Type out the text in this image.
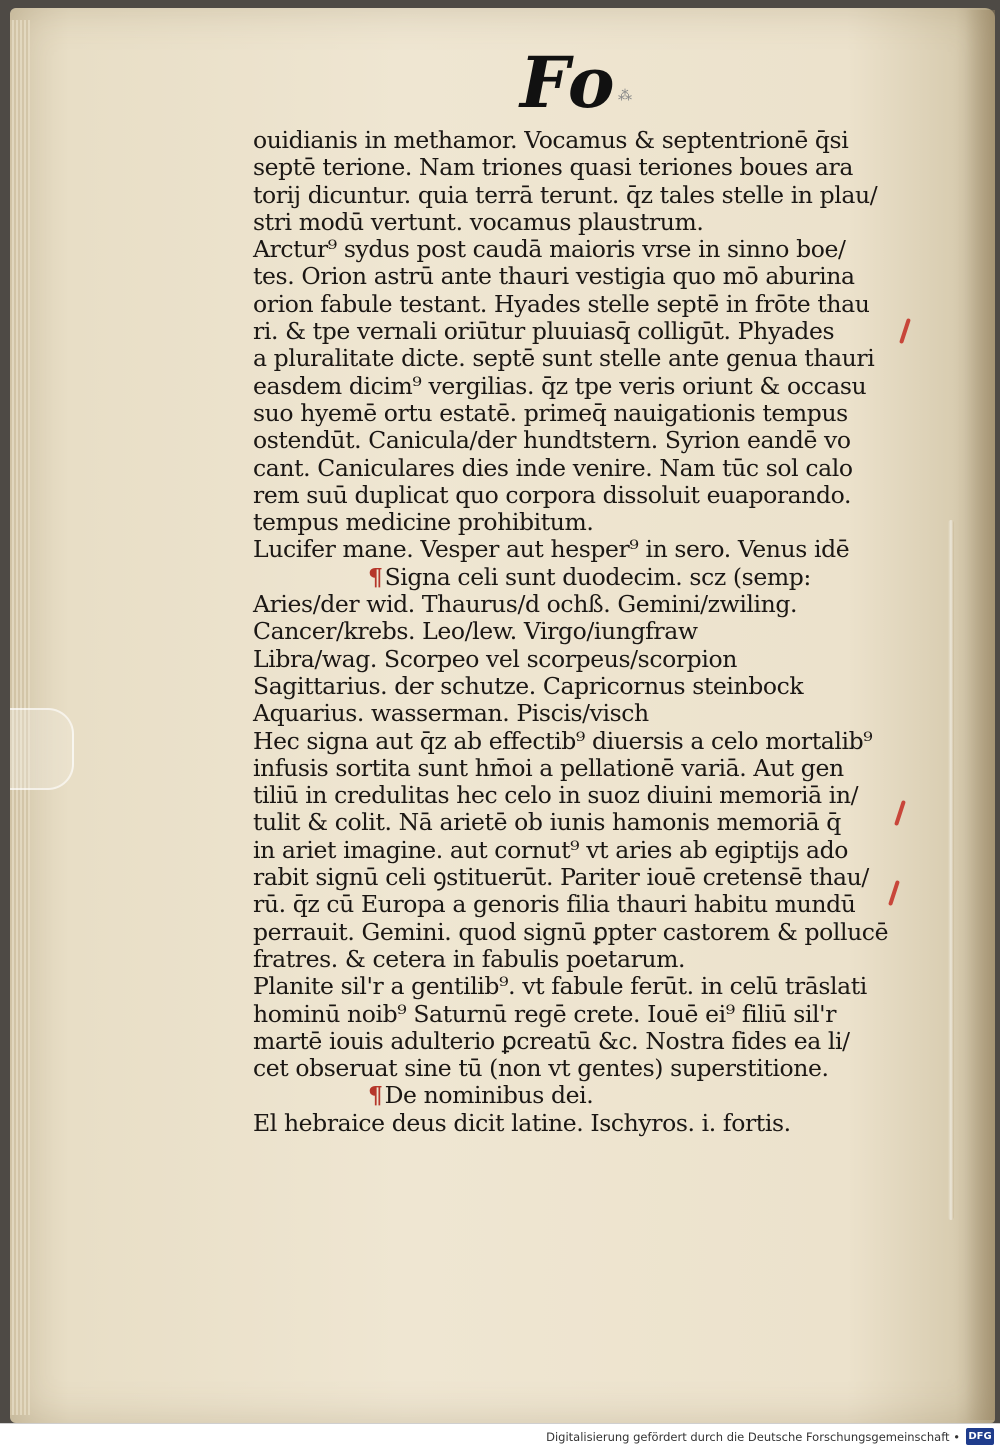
Fo ⁂
ouidianis in methamor. Vocamus & septentrionē q̄si
septē terione. Nam triones quasi teriones boues ara
torij dicuntur. quia terrā terunt. q̄z tales stelle in plau/
stri modū vertunt. vocamus plaustrum.
Arctur⁹ sydus post caudā maioris vrse in sinno boe/
tes. Orion astrū ante thauri vestigia quo mō aburina
orion fabule testant. Hyades stelle septē in frōte thau
ri. & tpe vernali oriūtur pluuiasq̄ colligūt. Phyades
a pluralitate dicte. septē sunt stelle ante genua thauri
easdem dicim⁹ vergilias. q̄z tpe veris oriunt & occasu
suo hyemē ortu estatē. primeq̄ nauigationis tempus
ostendūt. Canicula/der hundtstern. Syrion eandē vo
cant. Caniculares dies inde venire. Nam tūc sol calo
rem suū duplicat quo corpora dissoluit euaporando.
tempus medicine prohibitum.
Lucifer mane. Vesper aut hesper⁹ in sero. Venus idē
¶Signa celi sunt duodecim. scz (semp:
Aries/der wid. Thaurus/d ochß. Gemini/zwiling.
Cancer/krebs. Leo/lew. Virgo/iungfraw
Libra/wag. Scorpeo vel scorpeus/scorpion
Sagittarius. der schutze. Capricornus steinbock
Aquarius. wasserman. Piscis/visch
Hec signa aut q̄z ab effectib⁹ diuersis a celo mortalib⁹
infusis sortita sunt hm̄oi a pellationē variā. Aut gen
tiliū in credulitas hec celo in suoz diuini memoriā in/
tulit & colit. Nā arietē ob iunis hamonis memoriā q̄
in ariet imagine. aut cornut⁹ vt aries ab egiptijs ado
rabit signū celi ꝯstituerūt. Pariter iouē cretensē thau/
rū. q̄z cū Europa a genoris filia thauri habitu mundū
perrauit. Gemini. quod signū ꝑpter castorem & pollucē
fratres. & cetera in fabulis poetarum.
Planite sil'r a gentilib⁹. vt fabule ferūt. in celū trāslati
hominū noib⁹ Saturnū regē crete. Iouē ei⁹ filiū sil'r
martē iouis adulterio ꝑcreatū &c. Nostra fides ea li/
cet obseruat sine tū (non vt gentes) superstitione.
¶De nominibus dei.
El hebraice deus dicit latine. Ischyros. i. fortis.
Digitalisierung gefördert durch die Deutsche Forschungsgemeinschaft • DFG
